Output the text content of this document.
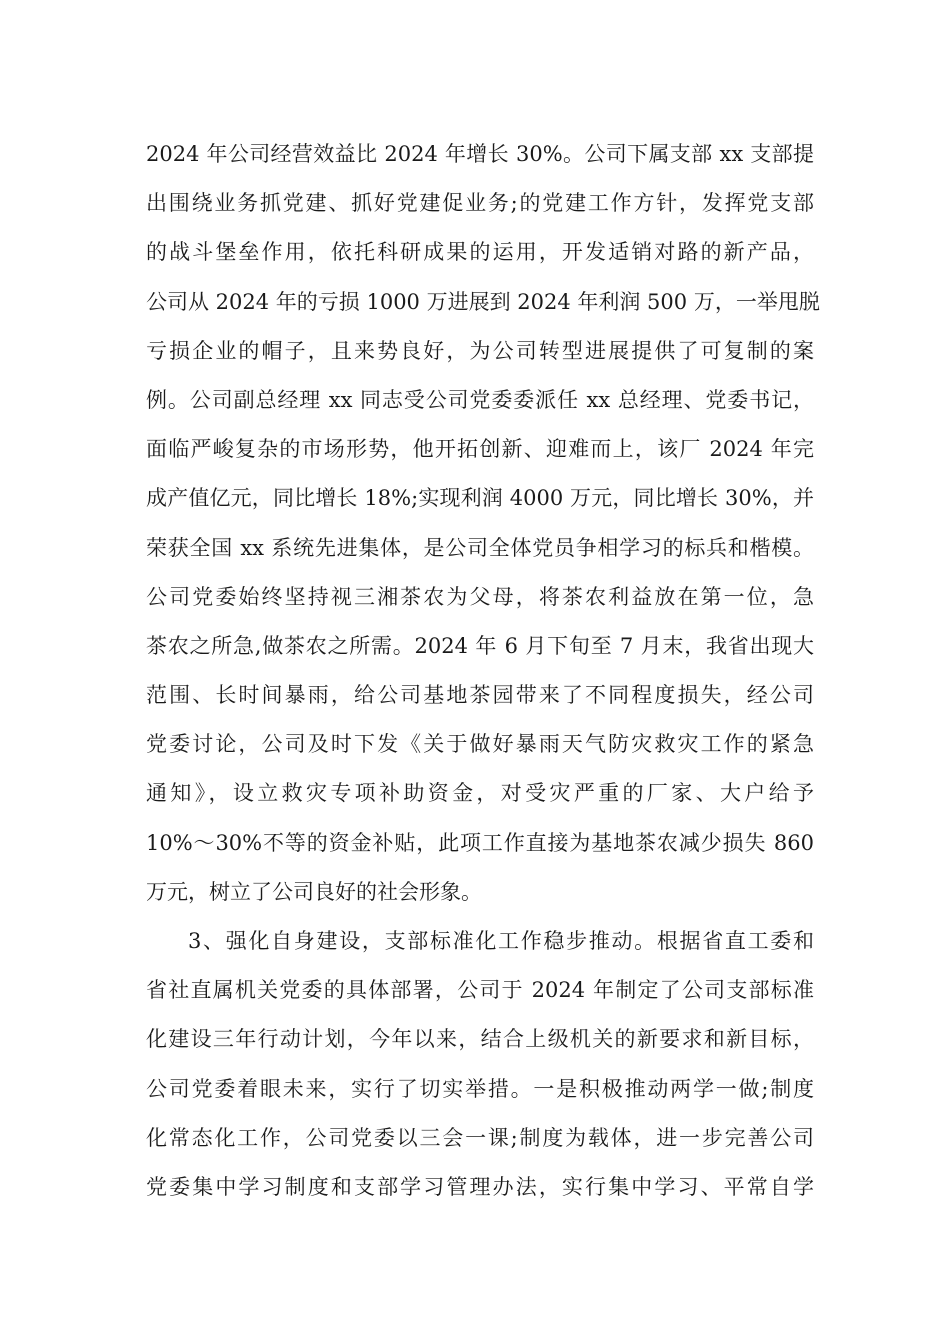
2024 年公司经营效益比 2024 年增长 30%。公司下属支部 xx 支部提
出围绕业务抓党建、抓好党建促业务;的党建工作方针，发挥党支部
的战斗堡垒作用，依托科研成果的运用，开发适销对路的新产品，
公司从 2024 年的亏损 1000 万进展到 2024 年利润 500 万，一举甩脱
亏损企业的帽子，且来势良好，为公司转型进展提供了可复制的案
例。公司副总经理 xx 同志受公司党委委派任 xx 总经理、党委书记，
面临严峻复杂的市场形势，他开拓创新、迎难而上，该厂 2024 年完
成产值亿元，同比增长 18%;实现利润 4000 万元，同比增长 30%，并
荣获全国 xx 系统先进集体，是公司全体党员争相学习的标兵和楷模。
公司党委始终坚持视三湘茶农为父母，将茶农利益放在第一位，急
茶农之所急,做茶农之所需。2024 年 6 月下旬至 7 月末，我省出现大
范围、长时间暴雨，给公司基地茶园带来了不同程度损失，经公司
党委讨论，公司及时下发《关于做好暴雨天气防灾救灾工作的紧急
通知》，设立救灾专项补助资金，对受灾严重的厂家、大户给予
10%～30%不等的资金补贴，此项工作直接为基地茶农减少损失 860
万元，树立了公司良好的社会形象。
3、强化自身建设，支部标准化工作稳步推动。根据省直工委和
省社直属机关党委的具体部署，公司于 2024 年制定了公司支部标准
化建设三年行动计划，今年以来，结合上级机关的新要求和新目标，
公司党委着眼未来，实行了切实举措。一是积极推动两学一做;制度
化常态化工作，公司党委以三会一课;制度为载体，进一步完善公司
党委集中学习制度和支部学习管理办法，实行集中学习、平常自学
